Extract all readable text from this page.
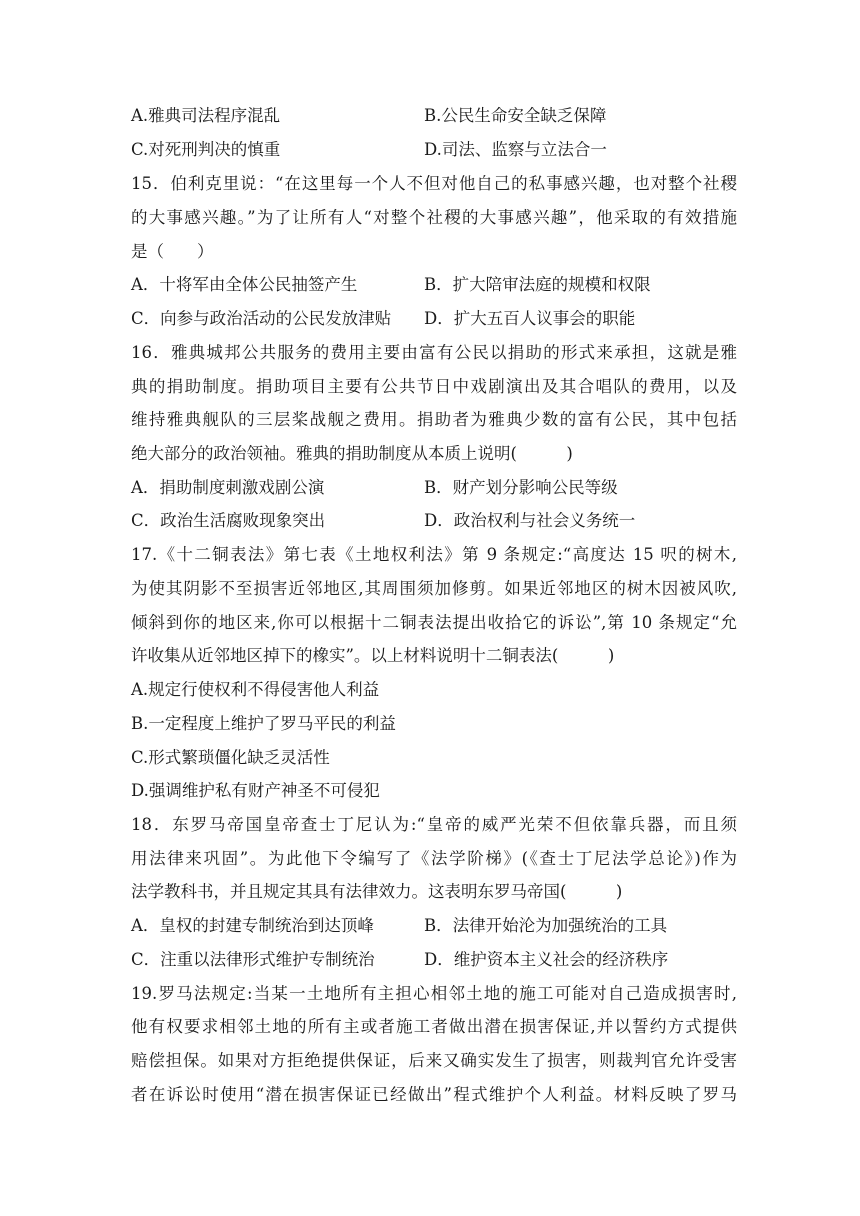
A.雅典司法程序混乱	B.公民生命安全缺乏保障
C.对死刑判决的慎重	D.司法、监察与立法合一
15．伯利克里说：“在这里每一个人不但对他自己的私事感兴趣，也对整个社稷
的大事感兴趣。”为了让所有人“对整个社稷的大事感兴趣”，他采取的有效措施
是（　　）
A．十将军由全体公民抽签产生	B．扩大陪审法庭的规模和权限
C．向参与政治活动的公民发放津贴 D．扩大五百人议事会的职能
16．雅典城邦公共服务的费用主要由富有公民以捐助的形式来承担，这就是雅
典的捐助制度。捐助项目主要有公共节日中戏剧演出及其合唱队的费用，以及
维持雅典舰队的三层桨战舰之费用。捐助者为雅典少数的富有公民，其中包括
绝大部分的政治领袖。雅典的捐助制度从本质上说明(　　　)
A．捐助制度刺激戏剧公演	B．财产划分影响公民等级
C．政治生活腐败现象突出	D．政治权利与社会义务统一
17.《十二铜表法》第七表《土地权利法》第 9 条规定:“高度达 15 呎的树木,
为使其阴影不至损害近邻地区,其周围须加修剪。如果近邻地区的树木因被风吹,
倾斜到你的地区来,你可以根据十二铜表法提出收拾它的诉讼”,第 10 条规定“允
许收集从近邻地区掉下的橡实”。以上材料说明十二铜表法(　　　)
A.规定行使权利不得侵害他人利益
B.一定程度上维护了罗马平民的利益
C.形式繁琐僵化缺乏灵活性
D.强调维护私有财产神圣不可侵犯
18．东罗马帝国皇帝查士丁尼认为:“皇帝的威严光荣不但依靠兵器，而且须
用法律来巩固”。为此他下令编写了《法学阶梯》(《查士丁尼法学总论》)作为
法学教科书，并且规定其具有法律效力。这表明东罗马帝国(　　　)
A．皇权的封建专制统治到达顶峰	B．法律开始沦为加强统治的工具
C．注重以法律形式维护专制统治	D．维护资本主义社会的经济秩序
19.罗马法规定:当某一土地所有主担心相邻土地的施工可能对自己造成损害时,
他有权要求相邻土地的所有主或者施工者做出潜在损害保证,并以誓约方式提供
赔偿担保。如果对方拒绝提供保证，后来又确实发生了损害，则裁判官允许受害
者在诉讼时使用“潜在损害保证已经做出”程式维护个人利益。材料反映了罗马
